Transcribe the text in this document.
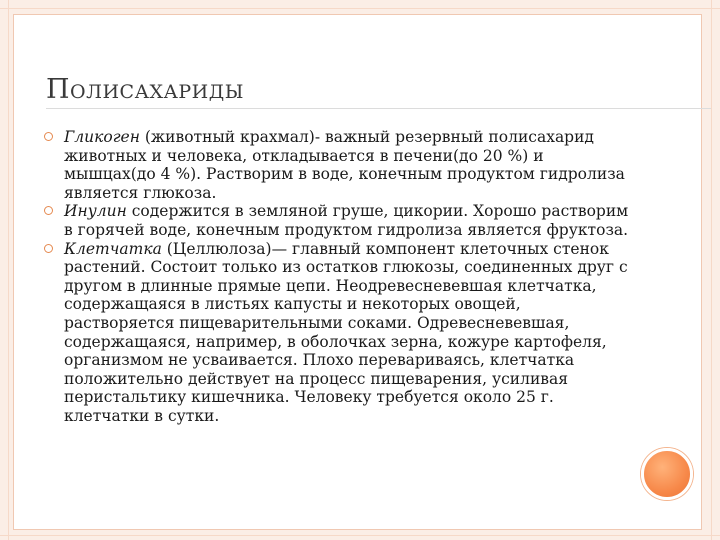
ПОЛИСАХАРИДЫ

Гликоген (животный крахмал)- важный резервный полисахарид животных и человека, откладывается в печени(до 20 %) и мышцах(до 4 %). Растворим в воде, конечным продуктом гидролиза является глюкоза.

Инулин содержится в земляной груше, цикории. Хорошо растворим в горячей воде, конечным продуктом гидролиза является фруктоза.

Клетчатка (Целлюлоза)— главный компонент клеточных стенок растений. Состоит только из остатков глюкозы, соединенных друг с другом в длинные прямые цепи. Неодревесневевшая клетчатка, содержащаяся в листьях капусты и некоторых овощей, растворяется пищеварительными соками. Одревесневевшая, содержащаяся, например, в оболочках зерна, кожуре картофеля, организмом не усваивается. Плохо перевариваясь, клетчатка положительно действует на процесс пищеварения, усиливая перистальтику кишечника. Человеку требуется около 25 г. клетчатки в сутки.
